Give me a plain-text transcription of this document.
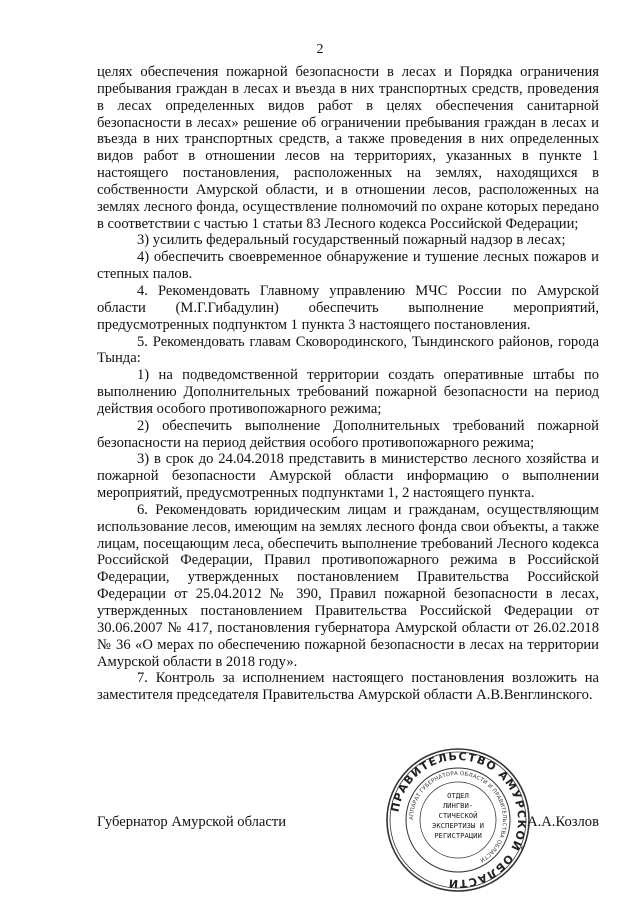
2

целях обеспечения пожарной безопасности в лесах и Порядка ограничения пребывания граждан в лесах и въезда в них транспортных средств, проведения в лесах определенных видов работ в целях обеспечения санитарной безопасности в лесах» решение об ограничении пребывания граждан в лесах и въезда в них транспортных средств, а также проведения в них определенных видов работ в отношении лесов на территориях, указанных в пункте 1 настоящего постановления, расположенных на землях, находящихся в собственности Амурской области, и в отношении лесов, расположенных на землях лесного фонда, осуществление полномочий по охране которых передано в соответствии с частью 1 статьи 83 Лесного кодекса Российской Федерации;

3) усилить федеральный государственный пожарный надзор в лесах;

4) обеспечить своевременное обнаружение и тушение лесных пожаров и степных палов.

4. Рекомендовать Главному управлению МЧС России по Амурской области (М.Г.Гибадулин) обеспечить выполнение мероприятий, предусмотренных подпунктом 1 пункта 3 настоящего постановления.

5. Рекомендовать главам Сковородинского, Тындинского районов, города Тында:

1) на подведомственной территории создать оперативные штабы по выполнению Дополнительных требований пожарной безопасности на период действия особого противопожарного режима;

2) обеспечить выполнение Дополнительных требований пожарной безопасности на период действия особого противопожарного режима;

3) в срок до 24.04.2018 представить в министерство лесного хозяйства и пожарной безопасности Амурской области информацию о выполнении мероприятий, предусмотренных подпунктами 1, 2 настоящего пункта.

6. Рекомендовать юридическим лицам и гражданам, осуществляющим использование лесов, имеющим на землях лесного фонда свои объекты, а также лицам, посещающим леса, обеспечить выполнение требований Лесного кодекса Российской Федерации, Правил противопожарного режима в Российской Федерации, утвержденных постановлением Правительства Российской Федерации от 25.04.2012 № 390, Правил пожарной безопасности в лесах, утвержденных постановлением Правительства Российской Федерации от 30.06.2007 № 417, постановления губернатора Амурской области от 26.02.2018 № 36 «О мерах по обеспечению пожарной безопасности в лесах на территории Амурской области в 2018 году».

7. Контроль за исполнением настоящего постановления возложить на заместителя председателя Правительства Амурской области А.В.Венглинского.

Губернатор Амурской области	А.А.Козлов
ПРАВИТЕЛЬСТВО АМУРСКОЙ ОБЛАСТИ
АППАРАТ ГУБЕРНАТОРА ОБЛАСТИ И ПРАВИТЕЛЬСТВА ОБЛАСТИ
ОТДЕЛ
ЛИНГВИ-
СТИЧЕСКОЙ
ЭКСПЕРТИЗЫ И
РЕГИСТРАЦИИ
